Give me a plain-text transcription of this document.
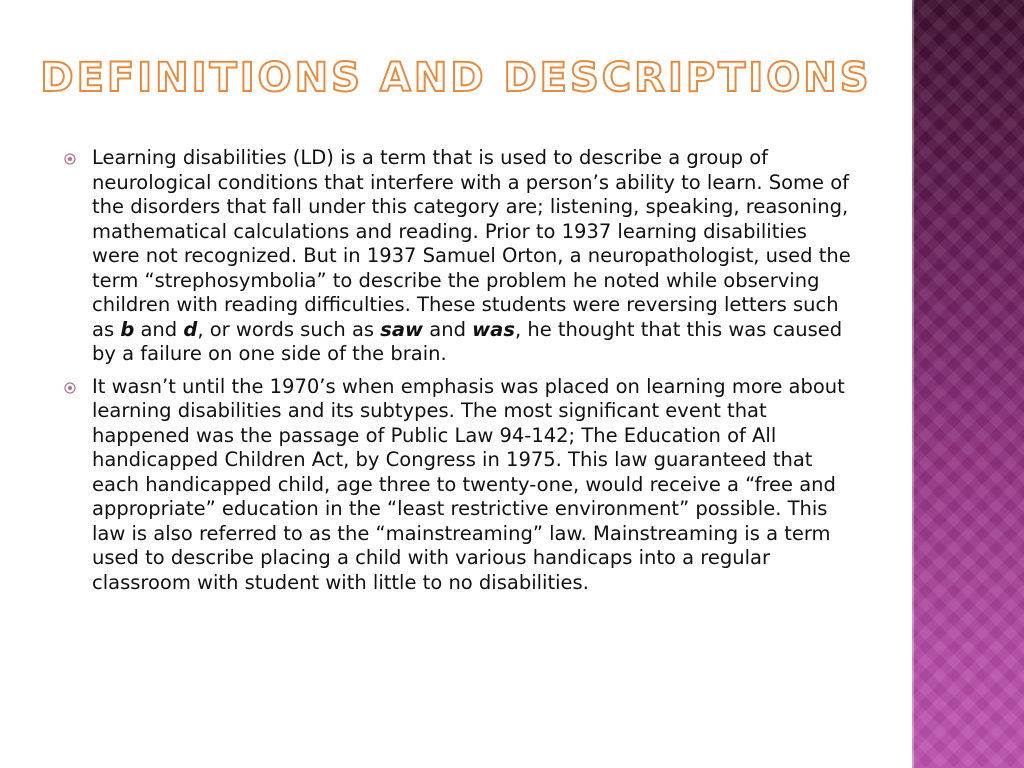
DEFINITIONS AND DESCRIPTIONS
Learning disabilities (LD) is a term that is used to describe a group of neurological conditions that interfere with a person’s ability to learn. Some of the disorders that fall under this category are; listening, speaking, reasoning, mathematical calculations and reading. Prior to 1937 learning disabilities were not recognized. But in 1937 Samuel Orton, a neuropathologist, used the term “strephosymbolia” to describe the problem he noted while observing children with reading difficulties. These students were reversing letters such as b and d, or words such as saw and was, he thought that this was caused by a failure on one side of the brain.
It wasn’t until the 1970’s when emphasis was placed on learning more about learning disabilities and its subtypes. The most significant event that happened was the passage of Public Law 94-142; The Education of All handicapped Children Act, by Congress in 1975. This law guaranteed that each handicapped child, age three to twenty-one, would receive a “free and appropriate” education in the “least restrictive environment” possible. This law is also referred to as the “mainstreaming” law. Mainstreaming is a term used to describe placing a child with various handicaps into a regular classroom with student with little to no disabilities.
